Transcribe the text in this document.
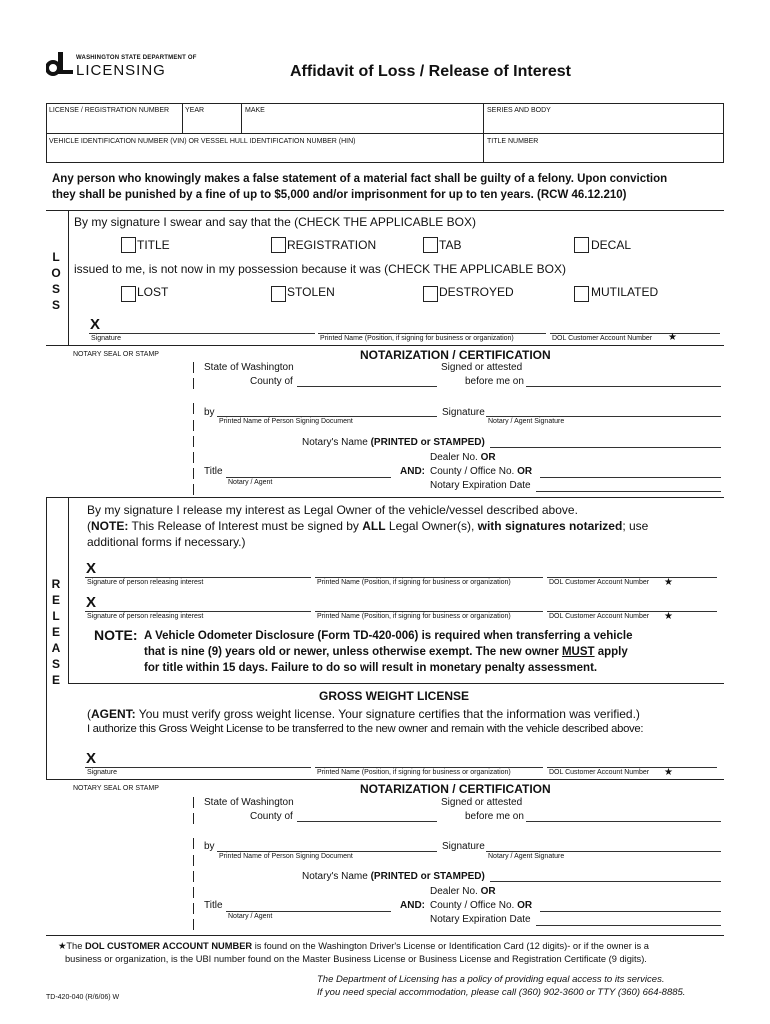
WASHINGTON STATE DEPARTMENT OF
LICENSING	Affidavit of Loss / Release of Interest
LICENSE / REGISTRATION NUMBER YEAR	MAKE	SERIES AND BODY
VEHICLE IDENTIFICATION NUMBER (VIN) OR VESSEL HULL IDENTIFICATION NUMBER (HIN)	TITLE NUMBER
Any person who knowingly makes a false statement of a material fact shall be guilty of a felony. Upon conviction
they shall be punished by a fine of up to $5,000 and/or imprisonment for up to ten years. (RCW 46.12.210)
L
O
S
S
By my signature I swear and say that the (CHECK THE APPLICABLE BOX)
TITLE	REGISTRATION	TAB	DECAL
issued to me, is not now in my possession because it was (CHECK THE APPLICABLE BOX)
LOST	STOLEN	DESTROYED	MUTILATED
X
Signature	Printed Name (Position, if signing for business or organization)	DOL Customer Account Number ★
NOTARY SEAL OR STAMP	NOTARIZATION / CERTIFICATION
State of Washington
County of
Signed or attested
before me on
by
Printed Name of Person Signing Document
Signature
Notary / Agent Signature
Notary's Name (PRINTED or STAMPED)
Dealer No. OR
Title
Notary / Agent
AND: County / Office No. OR
Notary Expiration Date
R
E
L
E
A
S
E
By my signature I release my interest as Legal Owner of the vehicle/vessel described above.
(NOTE: This Release of Interest must be signed by ALL Legal Owner(s), with signatures notarized; use
additional forms if necessary.)
X
Signature of person releasing interest	Printed Name (Position, if signing for business or organization)	DOL Customer Account Number ★
X
Signature of person releasing interest	Printed Name (Position, if signing for business or organization)	DOL Customer Account Number ★
NOTE: A Vehicle Odometer Disclosure (Form TD-420-006) is required when transferring a vehicle
that is nine (9) years old or newer, unless otherwise exempt. The new owner MUST apply
for title within 15 days. Failure to do so will result in monetary penalty assessment.
GROSS WEIGHT LICENSE
(AGENT: You must verify gross weight license. Your signature certifies that the information was verified.)
I authorize this Gross Weight License to be transferred to the new owner and remain with the vehicle described above:
X
Signature	Printed Name (Position, if signing for business or organization)	DOL Customer Account Number ★
NOTARY SEAL OR STAMP	NOTARIZATION / CERTIFICATION
State of Washington
County of
Signed or attested
before me on
by
Printed Name of Person Signing Document
Signature
Notary / Agent Signature
Notary's Name (PRINTED or STAMPED)
Dealer No. OR
Title
Notary / Agent
AND: County / Office No. OR
Notary Expiration Date
★The DOL CUSTOMER ACCOUNT NUMBER is found on the Washington Driver's License or Identification Card (12 digits)- or if the owner is a
business or organization, is the UBI number found on the Master Business License or Business License and Registration Certificate (9 digits).
The Department of Licensing has a policy of providing equal access to its services.
If you need special accommodation, please call (360) 902-3600 or TTY (360) 664-8885.
TD-420-040 (R/6/06) W
